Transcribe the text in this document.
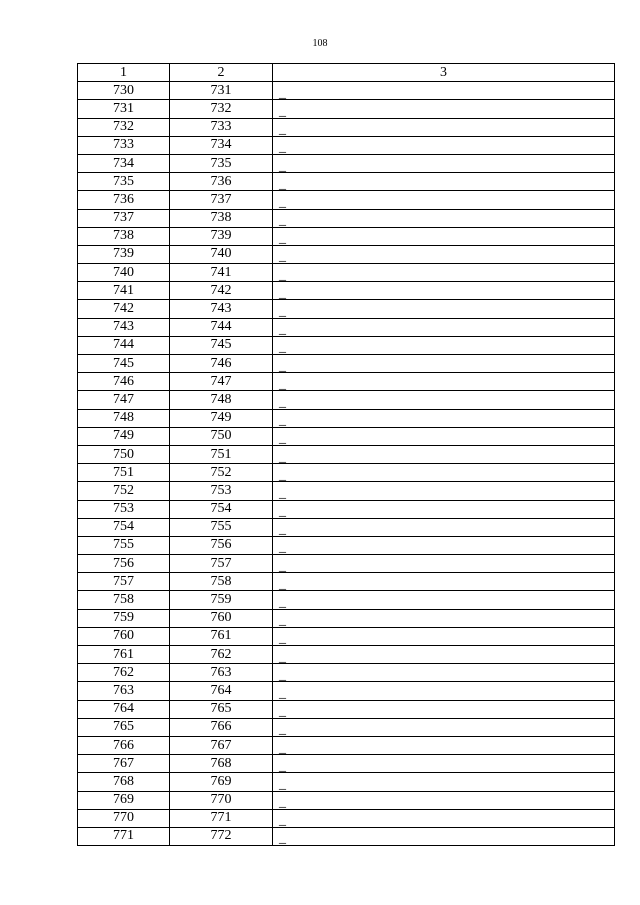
108
1	2	3
730	731	_
731	732	_
732	733	_
733	734	_
734	735	_
735	736	_
736	737	_
737	738	_
738	739	_
739	740	_
740	741	_
741	742	_
742	743	_
743	744	_
744	745	_
745	746	_
746	747	_
747	748	_
748	749	_
749	750	_
750	751	_
751	752	_
752	753	_
753	754	_
754	755	_
755	756	_
756	757	_
757	758	_
758	759	_
759	760	_
760	761	_
761	762	_
762	763	_
763	764	_
764	765	_
765	766	_
766	767	_
767	768	_
768	769	_
769	770	_
770	771	_
771	772	_
